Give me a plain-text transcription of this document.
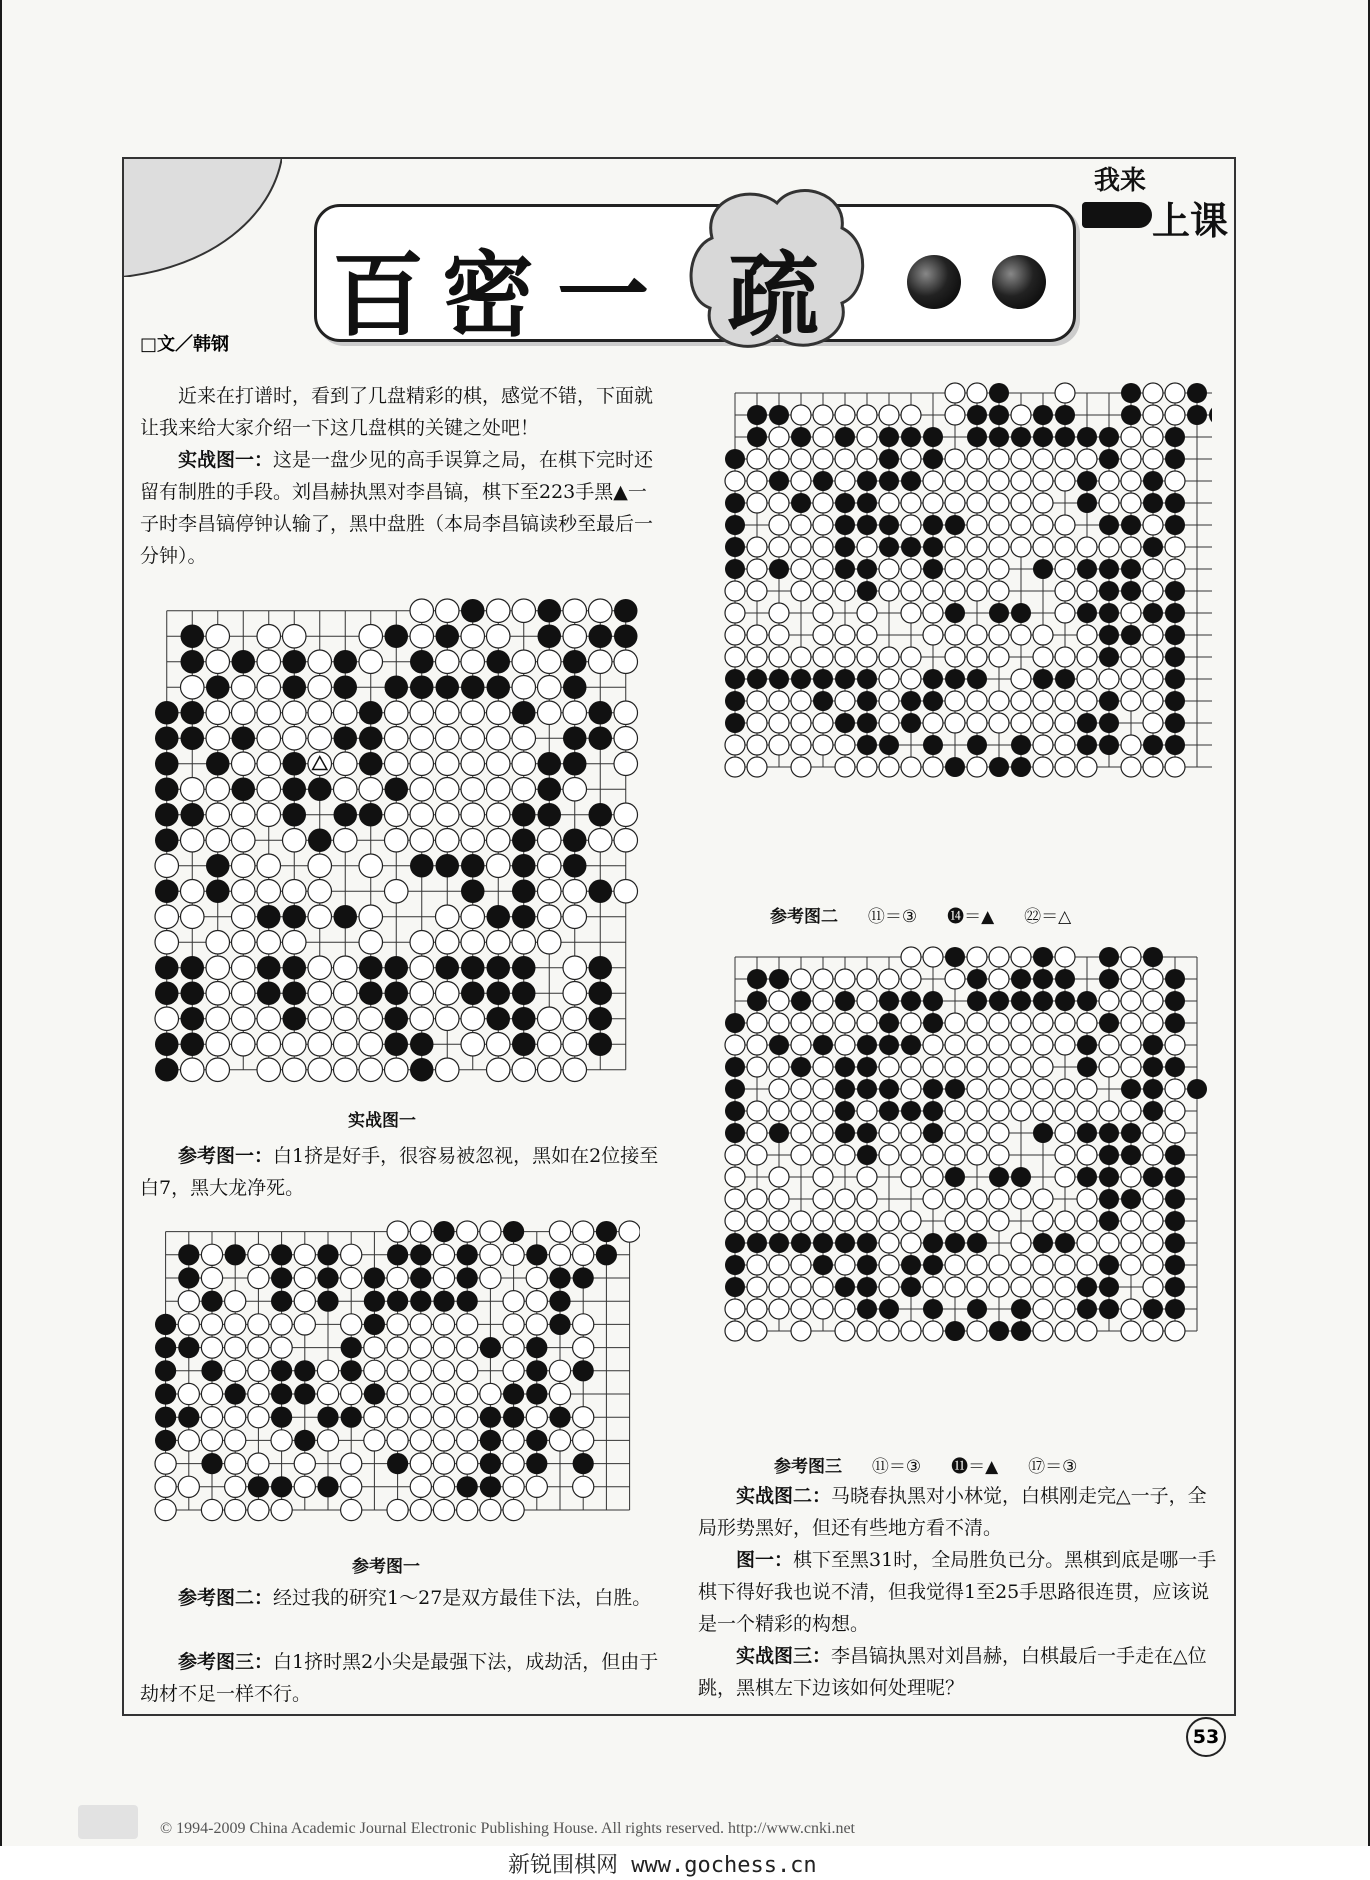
百 密 一 疏
我来
上课
□文／韩钢
近来在打谱时，看到了几盘精彩的棋，感觉不错，下面就让我来给大家介绍一下这几盘棋的关键之处吧！
实战图一：这是一盘少见的高手误算之局，在棋下完时还留有制胜的手段。刘昌赫执黑对李昌镐，棋下至223手黑▲一子时李昌镐停钟认输了，黑中盘胜（本局李昌镐读秒至最后一分钟）。
实战图一
参考图一：白1挤是好手，很容易被忽视，黑如在2位接至白7，黑大龙净死。
参考图一
参考图二：经过我的研究1～27是双方最佳下法，白胜。
参考图三：白1挤时黑2小尖是最强下法，成劫活，但由于劫材不足一样不行。
参考图二 ⑪＝③ ⓮＝▲ ㉒＝△
参考图三 ⑪＝③ ⓫＝▲ ⑰＝③
实战图二：马晓春执黑对小林觉，白棋刚走完△一子，全局形势黑好，但还有些地方看不清。
图一：棋下至黑31时，全局胜负已分。黑棋到底是哪一手棋下得好我也说不清，但我觉得1至25手思路很连贯，应该说是一个精彩的构想。
实战图三：李昌镐执黑对刘昌赫，白棋最后一手走在△位跳，黑棋左下边该如何处理呢？
53
© 1994-2009 China Academic Journal Electronic Publishing House. All rights reserved. http://www.cnki.net
新锐围棋网 www.gochess.cn
